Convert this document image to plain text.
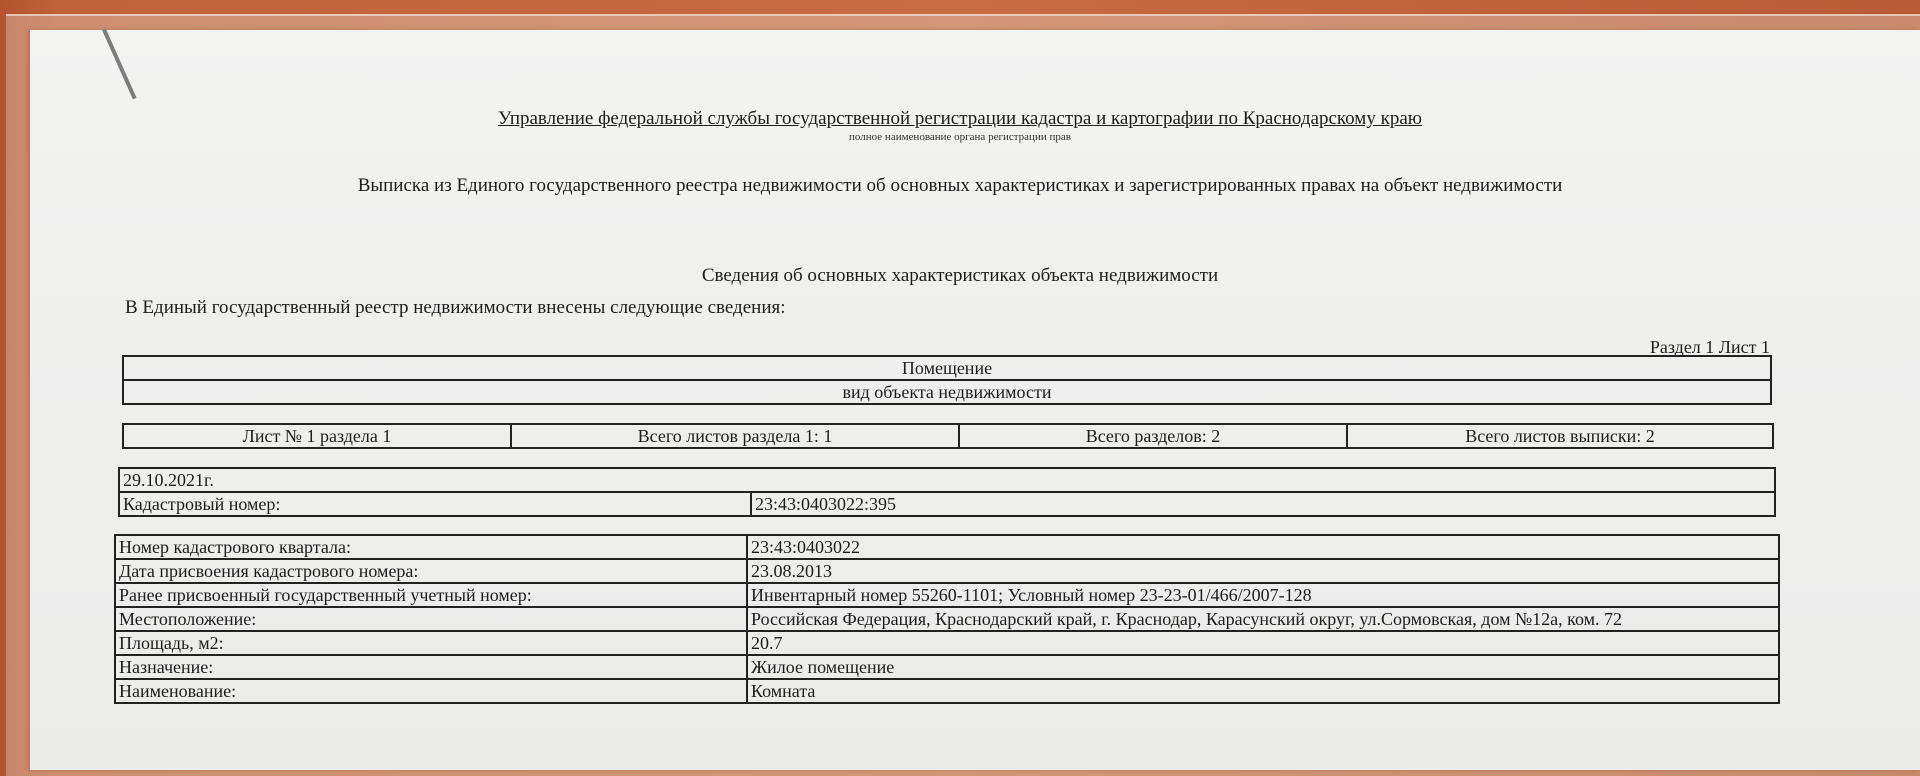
Управление федеральной службы государственной регистрации кадастра и картографии по Краснодарскому краю
полное наименование органа регистрации прав
Выписка из Единого государственного реестра недвижимости об основных характеристиках и зарегистрированных правах на объект недвижимости
Сведения об основных характеристиках объекта недвижимости
В Единый государственный реестр недвижимости внесены следующие сведения:
Раздел 1 Лист 1
Помещение
вид объекта недвижимости
Лист № 1 раздела 1	Всего листов раздела 1: 1	Всего разделов: 2	Всего листов выписки: 2
29.10.2021г.
Кадастровый номер:	23:43:0403022:395
Номер кадастрового квартала:	23:43:0403022
Дата присвоения кадастрового номера:	23.08.2013
Ранее присвоенный государственный учетный номер:	Инвентарный номер 55260-1101; Условный номер 23-23-01/466/2007-128
Местоположение:	Российская Федерация, Краснодарский край, г. Краснодар, Карасунский округ, ул.Сормовская, дом №12а, ком. 72
Площадь, м2:	20.7
Назначение:	Жилое помещение
Наименование:	Комната
